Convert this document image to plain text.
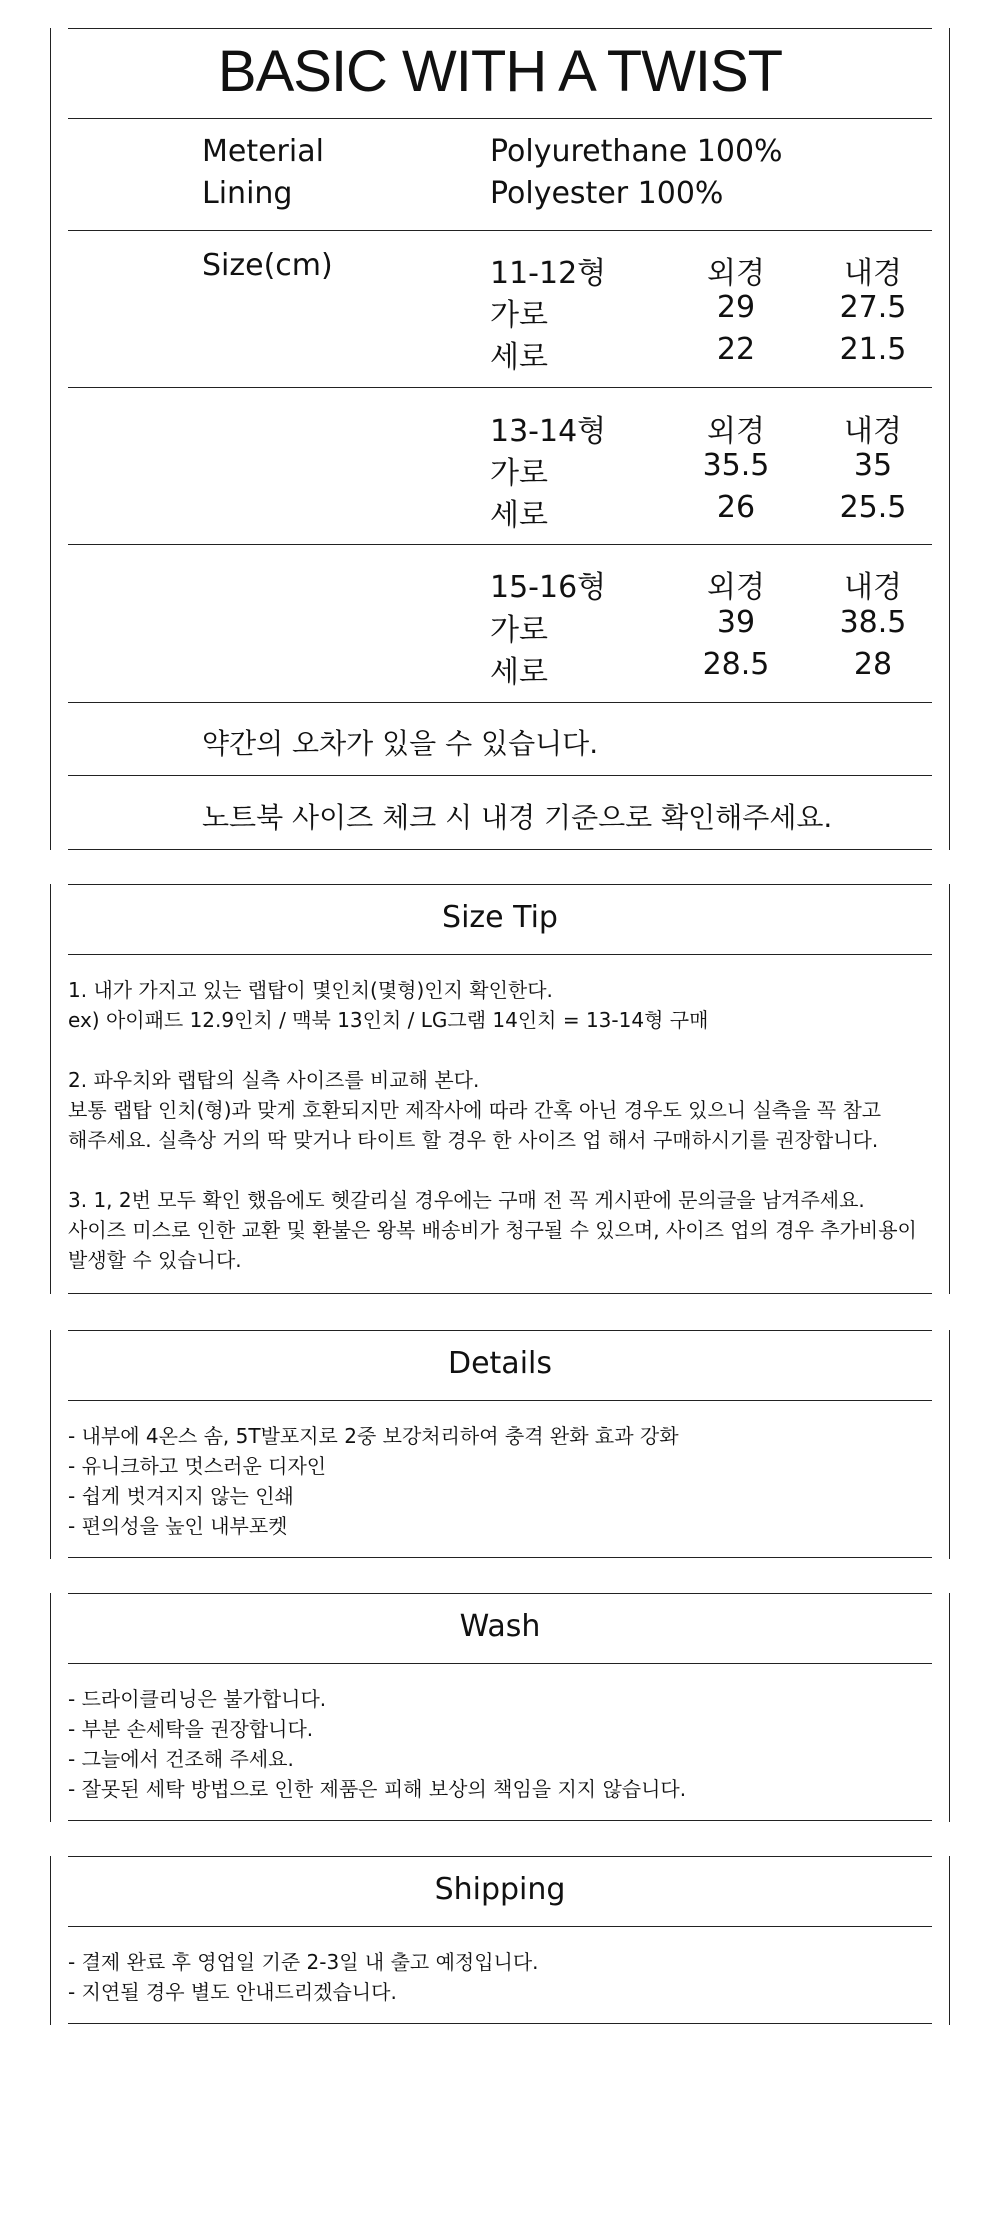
BASIC WITH A TWIST
Meterial	Polyurethane 100%
Lining	Polyester 100%
Size(cm)	11-12형	외경	내경
가로	29	27.5
세로	22	21.5
13-14형	외경	내경
가로	35.5	35
세로	26	25.5
15-16형	외경	내경
가로	39	38.5
세로	28.5	28
약간의 오차가 있을 수 있습니다.
노트북 사이즈 체크 시 내경 기준으로 확인해주세요.
Size Tip
1. 내가 가지고 있는 랩탑이 몇인치(몇형)인지 확인한다.
ex) 아이패드 12.9인치 / 맥북 13인치 / LG그램 14인치 = 13-14형 구매
2. 파우치와 랩탑의 실측 사이즈를 비교해 본다.
보통 랩탑 인치(형)과 맞게 호환되지만 제작사에 따라 간혹 아닌 경우도 있으니 실측을 꼭 참고
해주세요. 실측상 거의 딱 맞거나 타이트 할 경우 한 사이즈 업 해서 구매하시기를 권장합니다.
3. 1, 2번 모두 확인 했음에도 헷갈리실 경우에는 구매 전 꼭 게시판에 문의글을 남겨주세요.
사이즈 미스로 인한 교환 및 환불은 왕복 배송비가 청구될 수 있으며, 사이즈 업의 경우 추가비용이
발생할 수 있습니다.
Details
- 내부에 4온스 솜, 5T발포지로 2중 보강처리하여 충격 완화 효과 강화
- 유니크하고 멋스러운 디자인
- 쉽게 벗겨지지 않는 인쇄
- 편의성을 높인 내부포켓
Wash
- 드라이클리닝은 불가합니다.
- 부분 손세탁을 권장합니다.
- 그늘에서 건조해 주세요.
- 잘못된 세탁 방법으로 인한 제품은 피해 보상의 책임을 지지 않습니다.
Shipping
- 결제 완료 후 영업일 기준 2-3일 내 출고 예정입니다.
- 지연될 경우 별도 안내드리겠습니다.
